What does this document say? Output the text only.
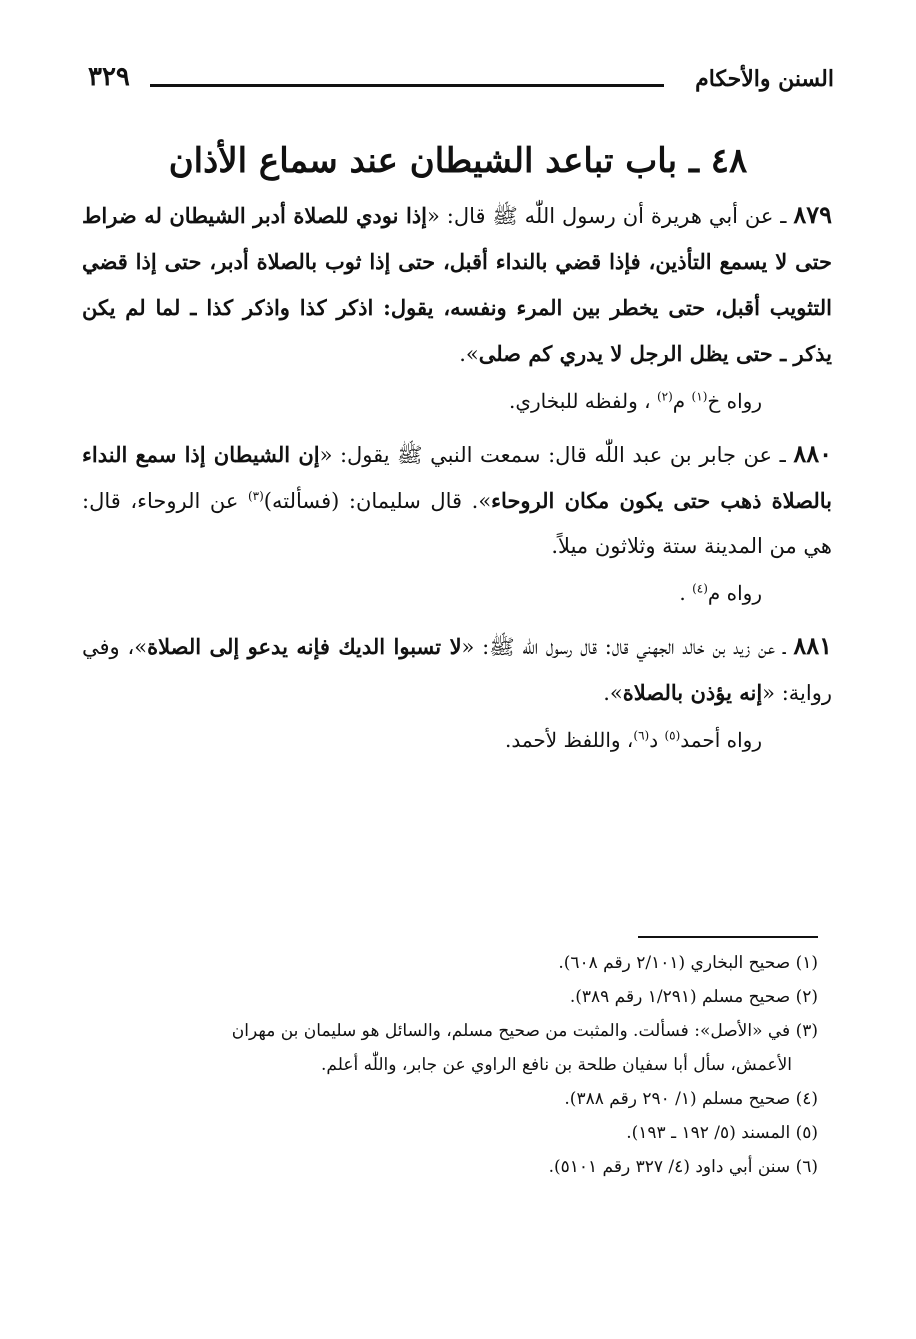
السنن والأحكام
٣٢٩
٤٨ ـ باب تباعد الشيطان عند سماع الأذان

٨٧٩ ـ عن أبي هريرة أن رسول اللّٰه ﷺ قال: «إذا نودي للصلاة أدبر الشيطان له ضراط حتى لا يسمع التأذين، فإذا قضي بالنداء أقبل، حتى إذا ثوب بالصلاة أدبر، حتى إذا قضي التثويب أقبل، حتى يخطر بين المرء ونفسه، يقول: اذكر كذا واذكر كذا ـ لما لم يكن يذكر ـ حتى يظل الرجل لا يدري كم صلى».

رواه خ$^{(١)}$ م$^{(٢)}$ ، ولفظه للبخاري.

٨٨٠ ـ عن جابر بن عبد اللّٰه قال: سمعت النبي ﷺ يقول: «إن الشيطان إذا سمع النداء بالصلاة ذهب حتى يكون مكان الروحاء». قال سليمان: (فسألته)$^{(٣)}$ عن الروحاء، قال: هي من المدينة ستة وثلاثون ميلاً.

رواه م$^{(٤)}$ .

٨٨١ ـ عن زيد بن خالد الجهني قال: قال رسول اللّٰه ﷺ: «لا تسبوا الديك فإنه يدعو إلى الصلاة»، وفي رواية: «إنه يؤذن بالصلاة».

رواه أحمد$^{(٥)}$ د$^{(٦)}$، واللفظ لأحمد.

(١) صحيح البخاري (٢/١٠١ رقم ٦٠٨).

(٢) صحيح مسلم (١/٢٩١ رقم ٣٨٩).

(٣) في «الأصل»: فسألت. والمثبت من صحيح مسلم، والسائل هو سليمان بن مهران

الأعمش، سأل أبا سفيان طلحة بن نافع الراوي عن جابر، واللّٰه أعلم.

(٤) صحيح مسلم (١/ ٢٩٠ رقم ٣٨٨).

(٥) المسند (٥/ ١٩٢ ـ ١٩٣).

(٦) سنن أبي داود (٤/ ٣٢٧ رقم ٥١٠١).
